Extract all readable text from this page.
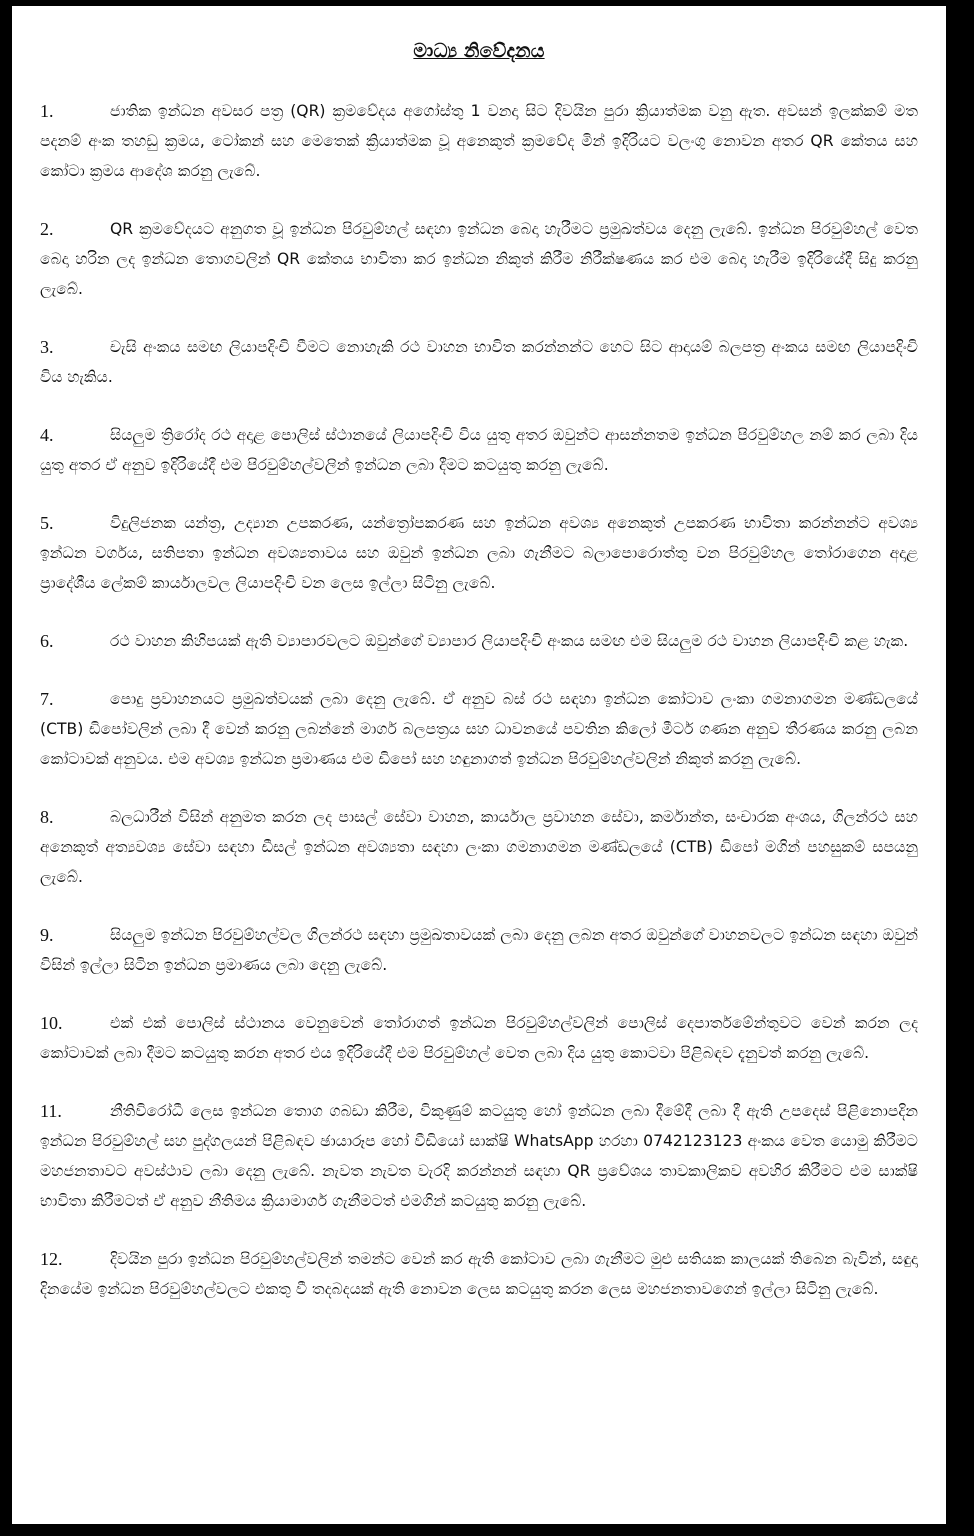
මාධ්‍ය නිවේදනය
1.	ජාතික ඉන්ධන අවසර පත්‍ර (QR) ක්‍රමවේදය අගෝස්තු 1 වනදා සිට දිවයින පුරා ක්‍රියාත්මක වනු ඇත. අවසන් ඉලක්කම් මත පදනම් අංක තහඩු ක්‍රමය, ටෝකන් සහ මෙතෙක් ක්‍රියාත්මක වූ අනෙකුත් ක්‍රමවේද මින් ඉදිරියට වලංගු නොවන අතර QR කේතය සහ කෝටා ක්‍රමය ආදේශ කරනු ලැබේ.
2.	QR ක්‍රමවේදයට අනුගත වූ ඉන්ධන පිරවුම්හල් සඳහා ඉන්ධන බෙදා හැරීමට ප්‍රමුඛත්වය දෙනු ලැබේ. ඉන්ධන පිරවුම්හල් වෙත බෙදා හරින ලද ඉන්ධන තොගවලින් QR කේතය භාවිතා කර ඉන්ධන නිකුත් කිරීම නිරීක්ෂණය කර එම බෙදා හැරීම ඉදිරියේදී සිදු කරනු ලැබේ.
3.	චැසි අංකය සමඟ ලියාපදිංචි වීමට නොහැකි රථ වාහන භාවිත කරන්නන්ට හෙට සිට ආදායම් බලපත්‍ර අංකය සමඟ ලියාපදිංචි විය හැකිය.
4.	සියලුම ත්‍රිරෝද රථ අදාළ පොලිස් ස්ථානයේ ලියාපදිංචි විය යුතු අතර ඔවුන්ට ආසන්නතම ඉන්ධන පිරවුම්හල නම් කර ලබා දිය යුතු අතර ඒ අනුව ඉදිරියේදී එම පිරවුම්හල්වලින් ඉන්ධන ලබා දීමට කටයුතු කරනු ලැබේ.
5.	විදුලිජනක යන්ත්‍ර, උද්‍යාන උපකරණ, යන්ත්‍රෝපකරණ සහ ඉන්ධන අවශ්‍ය අනෙකුත් උපකරණ භාවිතා කරන්නන්ට අවශ්‍ය ඉන්ධන වර්ගය, සතිපතා ඉන්ධන අවශ්‍යතාවය සහ ඔවුන් ඉන්ධන ලබා ගැනීමට බලාපොරොත්තු වන පිරවුම්හල තෝරාගෙන අදාළ ප්‍රාදේශීය ලේකම් කාර්යාලවල ලියාපදිංචි වන ලෙස ඉල්ලා සිටිනු ලැබේ.
6.	රථ වාහන කිහිපයක් ඇති ව්‍යාපාරවලට ඔවුන්ගේ ව්‍යාපාර ලියාපදිංචි අංකය සමඟ එම සියලුම රථ වාහන ලියාපදිංචි කළ හැක.
7.	පොදු ප්‍රවාහනයට ප්‍රමුඛත්වයක් ලබා දෙනු ලැබේ. ඒ අනුව බස් රථ සඳහා ඉන්ධන කෝටාව ලංකා ගමනාගමන මණ්ඩලයේ (CTB) ඩිපෝවලින් ලබා දී වෙන් කරනු ලබන්නේ මාර්ග බලපත්‍රය සහ ධාවනයේ පවතින කිලෝ මීටර් ගණන අනුව තීරණය කරනු ලබන කෝටාවක් අනුවය. එම අවශ්‍ය ඉන්ධන ප්‍රමාණය එම ඩිපෝ සහ හඳුනාගත් ඉන්ධන පිරවුම්හල්වලින් නිකුත් කරනු ලැබේ.
8.	බලධාරීන් විසින් අනුමත කරන ලද පාසල් සේවා වාහන, කාර්යාල ප්‍රවාහන සේවා, කර්මාන්ත, සංචාරක අංශය, ගිලන්රථ සහ අනෙකුත් අත්‍යවශ්‍ය සේවා සඳහා ඩීසල් ඉන්ධන අවශ්‍යතා සඳහා ලංකා ගමනාගමන මණ්ඩලයේ (CTB) ඩිපෝ මගින් පහසුකම් සපයනු ලැබේ.
9.	සියලුම ඉන්ධන පිරවුම්හල්වල ගිලන්රථ සඳහා ප්‍රමුඛතාවයක් ලබා දෙනු ලබන අතර ඔවුන්ගේ වාහනවලට ඉන්ධන සඳහා ඔවුන් විසින් ඉල්ලා සිටින ඉන්ධන ප්‍රමාණය ලබා දෙනු ලැබේ.
10.	එක් එක් පොලිස් ස්ථානය වෙනුවෙන් තෝරාගත් ඉන්ධන පිරවුම්හල්වලින් පොලිස් දෙපාර්තමේන්තුවට වෙන් කරන ලද කෝටාවක් ලබා දීමට කටයුතු කරන අතර එය ඉදිරියේදී එම පිරවුම්හල් වෙත ලබා දිය යුතු කොටවා පිළිබඳව දැනුවත් කරනු ලැබේ.
11.	නීතිවිරෝධී ලෙස ඉන්ධන තොග ගබඩා කිරීම, විකුණුම් කටයුතු හෝ ඉන්ධන ලබා දීමේදී ලබා දී ඇති උපදෙස් පිළිනොපදින ඉන්ධන පිරවුම්හල් සහ පුද්ගලයන් පිළිබඳව ඡායාරූප හෝ වීඩියෝ සාක්ෂි WhatsApp හරහා 0742123123 අංකය වෙත යොමු කිරීමට මහජනතාවට අවස්ථාව ලබා දෙනු ලැබේ. නැවත නැවත වැරදි කරන්නන් සඳහා QR ප්‍රවේශය තාවකාලිකව අවහිර කිරීමට එම සාක්ෂි භාවිතා කිරීමටත් ඒ අනුව නීතිමය ක්‍රියාමාර්ග ගැනීමටත් එමගින් කටයුතු කරනු ලැබේ.
12.	දිවයින පුරා ඉන්ධන පිරවුම්හල්වලින් තමන්ට වෙන් කර ඇති කෝටාව ලබා ගැනීමට මුළු සතියක කාලයක් තිබෙන බැවින්, සඳුදා දිනයේම ඉන්ධන පිරවුම්හල්වලට එකතු වී තදබදයක් ඇති නොවන ලෙස කටයුතු කරන ලෙස මහජනතාවගෙන් ඉල්ලා සිටිනු ලැබේ.
